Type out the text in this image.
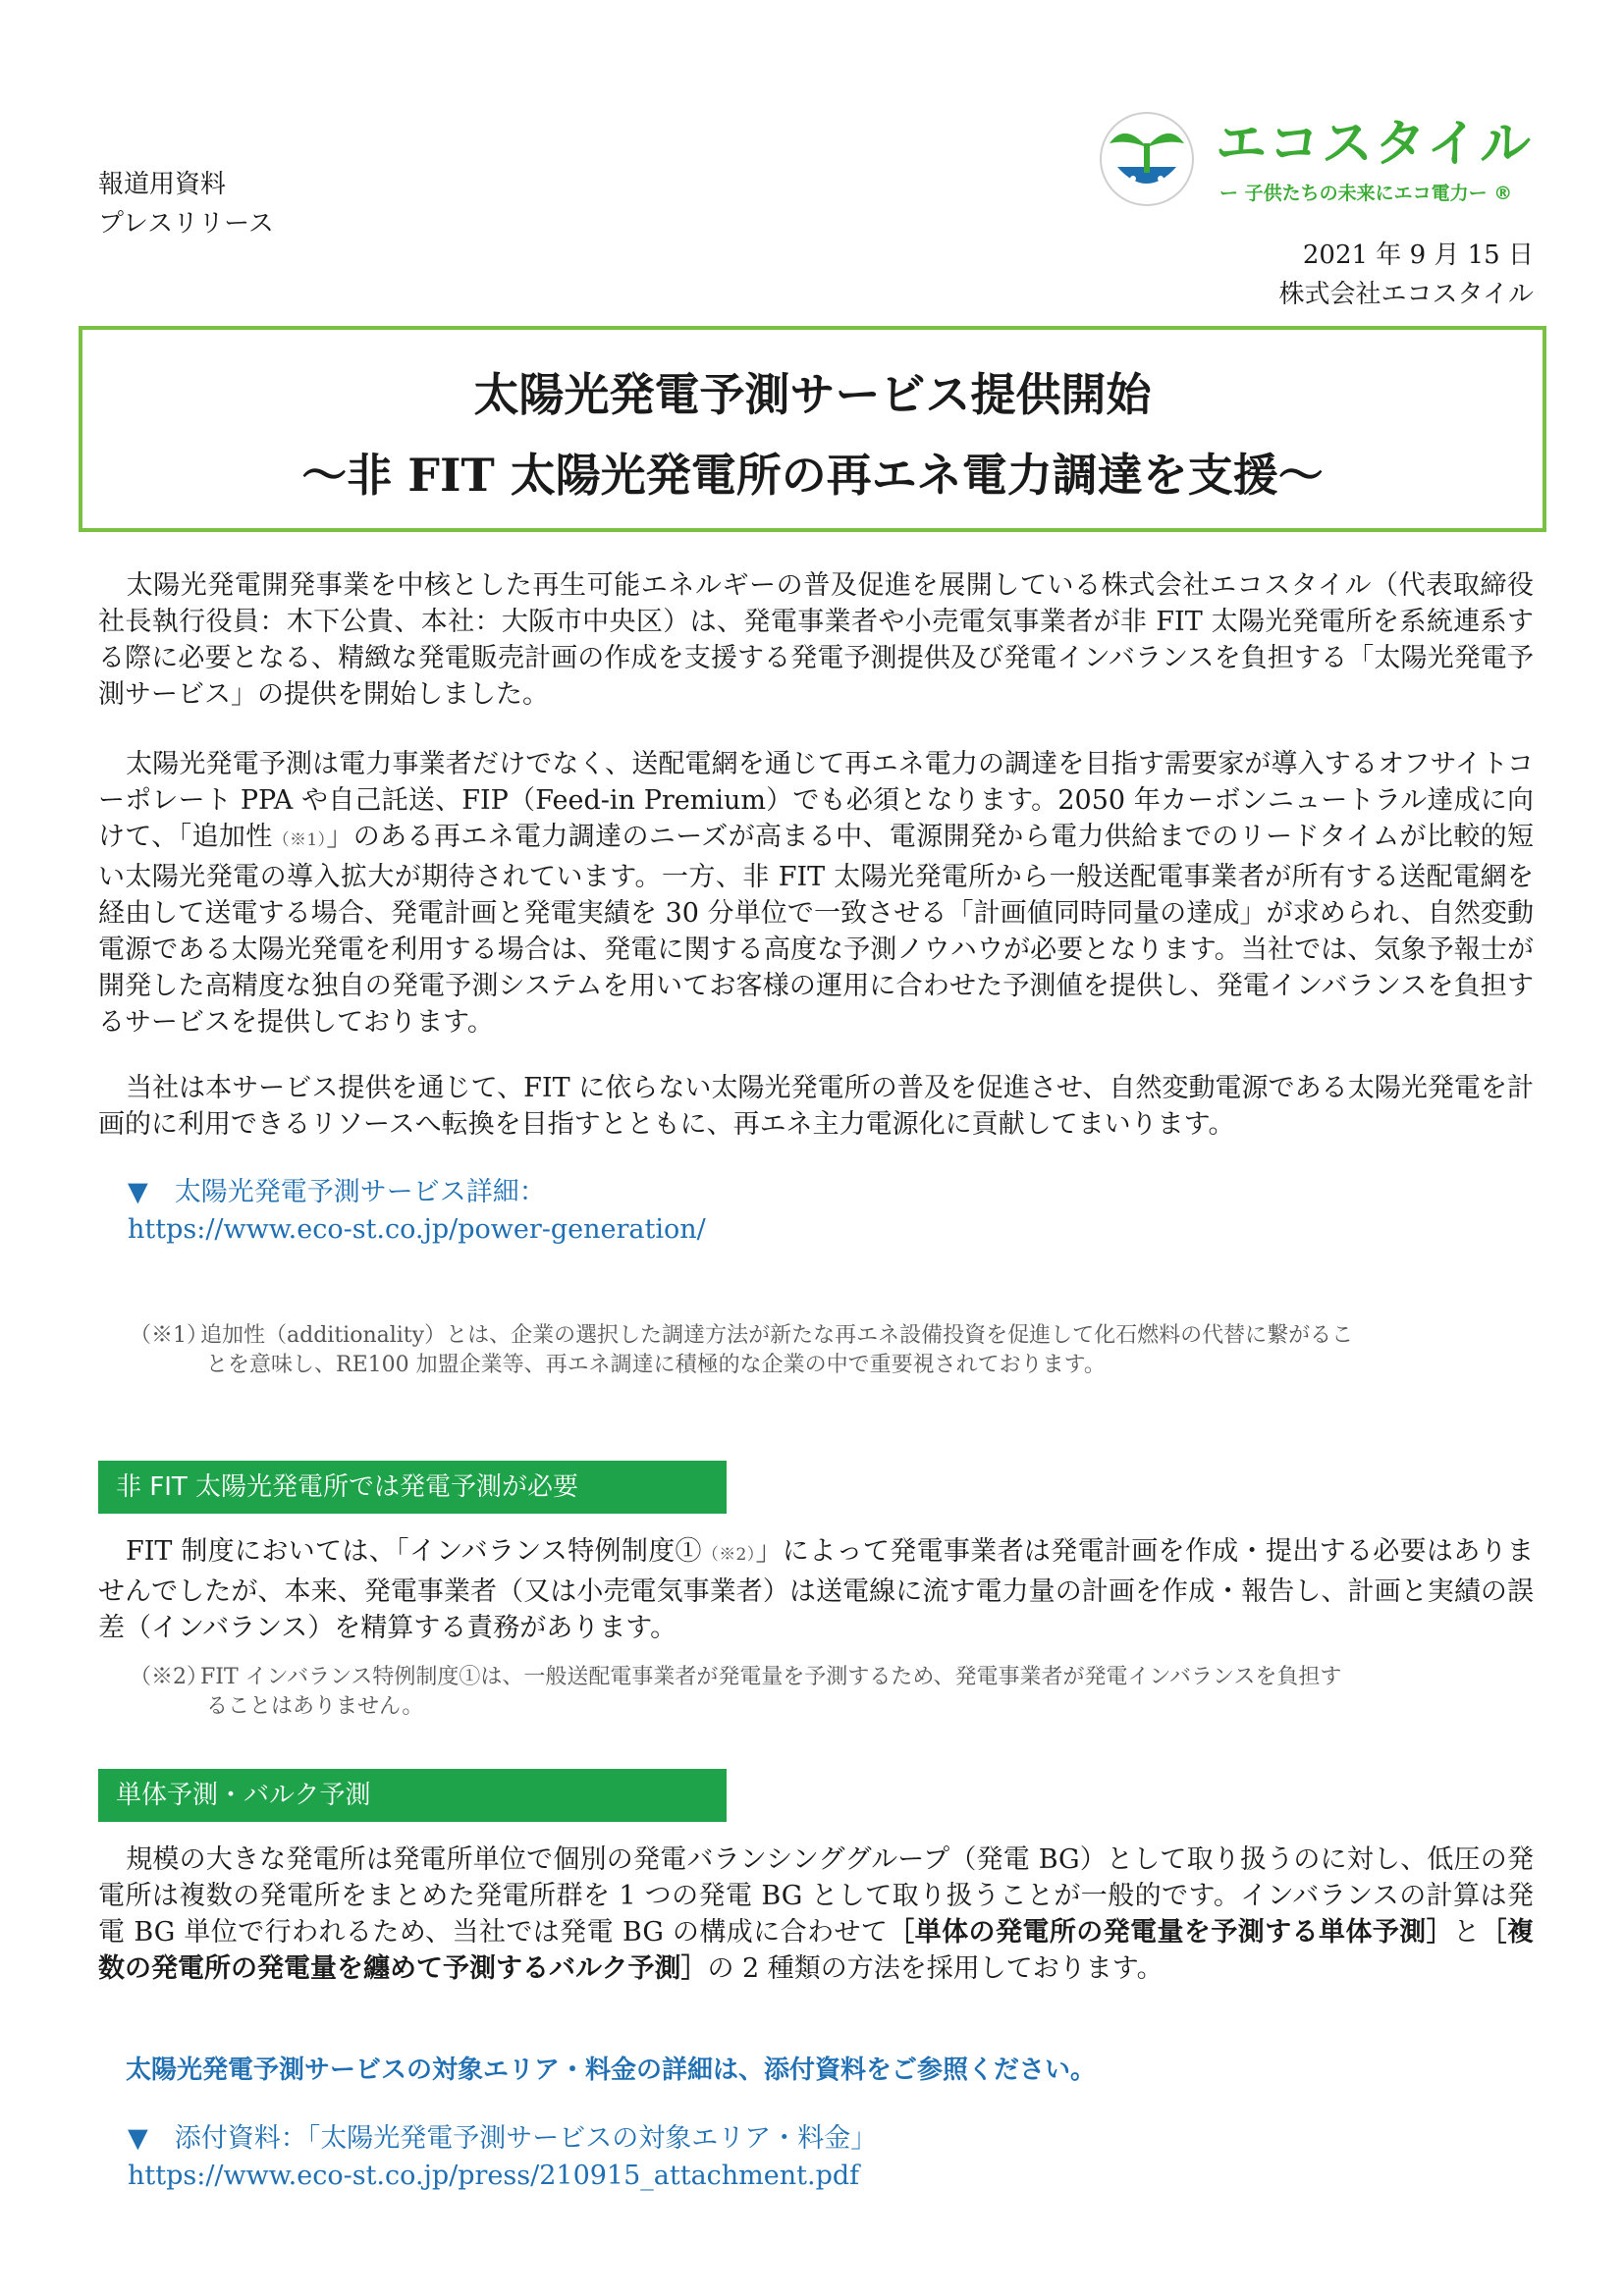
報道用資料
プレスリリース
エコスタイル
ー 子供たちの未来にエコ電力ー ®
2021 年 9 月 15 日
株式会社エコスタイル
太陽光発電予測サービス提供開始
～非 FIT 太陽光発電所の再エネ電力調達を支援～
太陽光発電開発事業を中核とした再生可能エネルギーの普及促進を展開している株式会社エコスタイル（代表取締役 社長執行役員：木下公貴、本社：大阪市中央区）は、発電事業者や小売電気事業者が非 FIT 太陽光発電所を系統連系する際に必要となる、精緻な発電販売計画の作成を支援する発電予測提供及び発電インバランスを負担する「太陽光発電予測サービス」の提供を開始しました。
太陽光発電予測は電力事業者だけでなく、送配電網を通じて再エネ電力の調達を目指す需要家が導入するオフサイトコーポレート PPA や自己託送、FIP（Feed-in Premium）でも必須となります。2050 年カーボンニュートラル達成に向けて、「追加性（※1）」のある再エネ電力調達のニーズが高まる中、電源開発から電力供給までのリードタイムが比較的短い太陽光発電の導入拡大が期待されています。一方、非 FIT 太陽光発電所から一般送配電事業者が所有する送配電網を経由して送電する場合、発電計画と発電実績を 30 分単位で一致させる「計画値同時同量の達成」が求められ、自然変動電源である太陽光発電を利用する場合は、発電に関する高度な予測ノウハウが必要となります。当社では、気象予報士が開発した高精度な独自の発電予測システムを用いてお客様の運用に合わせた予測値を提供し、発電インバランスを負担するサービスを提供しております。
当社は本サービス提供を通じて、FIT に依らない太陽光発電所の普及を促進させ、自然変動電源である太陽光発電を計画的に利用できるリソースへ転換を目指すとともに、再エネ主力電源化に貢献してまいります。
▼　太陽光発電予測サービス詳細：
https://www.eco-st.co.jp/power-generation/
（※1）追加性（additionality）とは、企業の選択した調達方法が新たな再エネ設備投資を促進して化石燃料の代替に繋がるこ
とを意味し、RE100 加盟企業等、再エネ調達に積極的な企業の中で重要視されております。
非 FIT 太陽光発電所では発電予測が必要
FIT 制度においては、「インバランス特例制度①（※2）」によって発電事業者は発電計画を作成・提出する必要はありませんでしたが、本来、発電事業者（又は小売電気事業者）は送電線に流す電力量の計画を作成・報告し、計画と実績の誤差（インバランス）を精算する責務があります。
（※2）FIT インバランス特例制度①は、一般送配電事業者が発電量を予測するため、発電事業者が発電インバランスを負担す
ることはありません。
単体予測・バルク予測
規模の大きな発電所は発電所単位で個別の発電バランシンググループ（発電 BG）として取り扱うのに対し、低圧の発電所は複数の発電所をまとめた発電所群を 1 つの発電 BG として取り扱うことが一般的です。インバランスの計算は発電 BG 単位で行われるため、当社では発電 BG の構成に合わせて［単体の発電所の発電量を予測する単体予測］と［複数の発電所の発電量を纏めて予測するバルク予測］の 2 種類の方法を採用しております。
太陽光発電予測サービスの対象エリア・料金の詳細は、添付資料をご参照ください。
▼　添付資料：「太陽光発電予測サービスの対象エリア・料金」
https://www.eco-st.co.jp/press/210915_attachment.pdf
